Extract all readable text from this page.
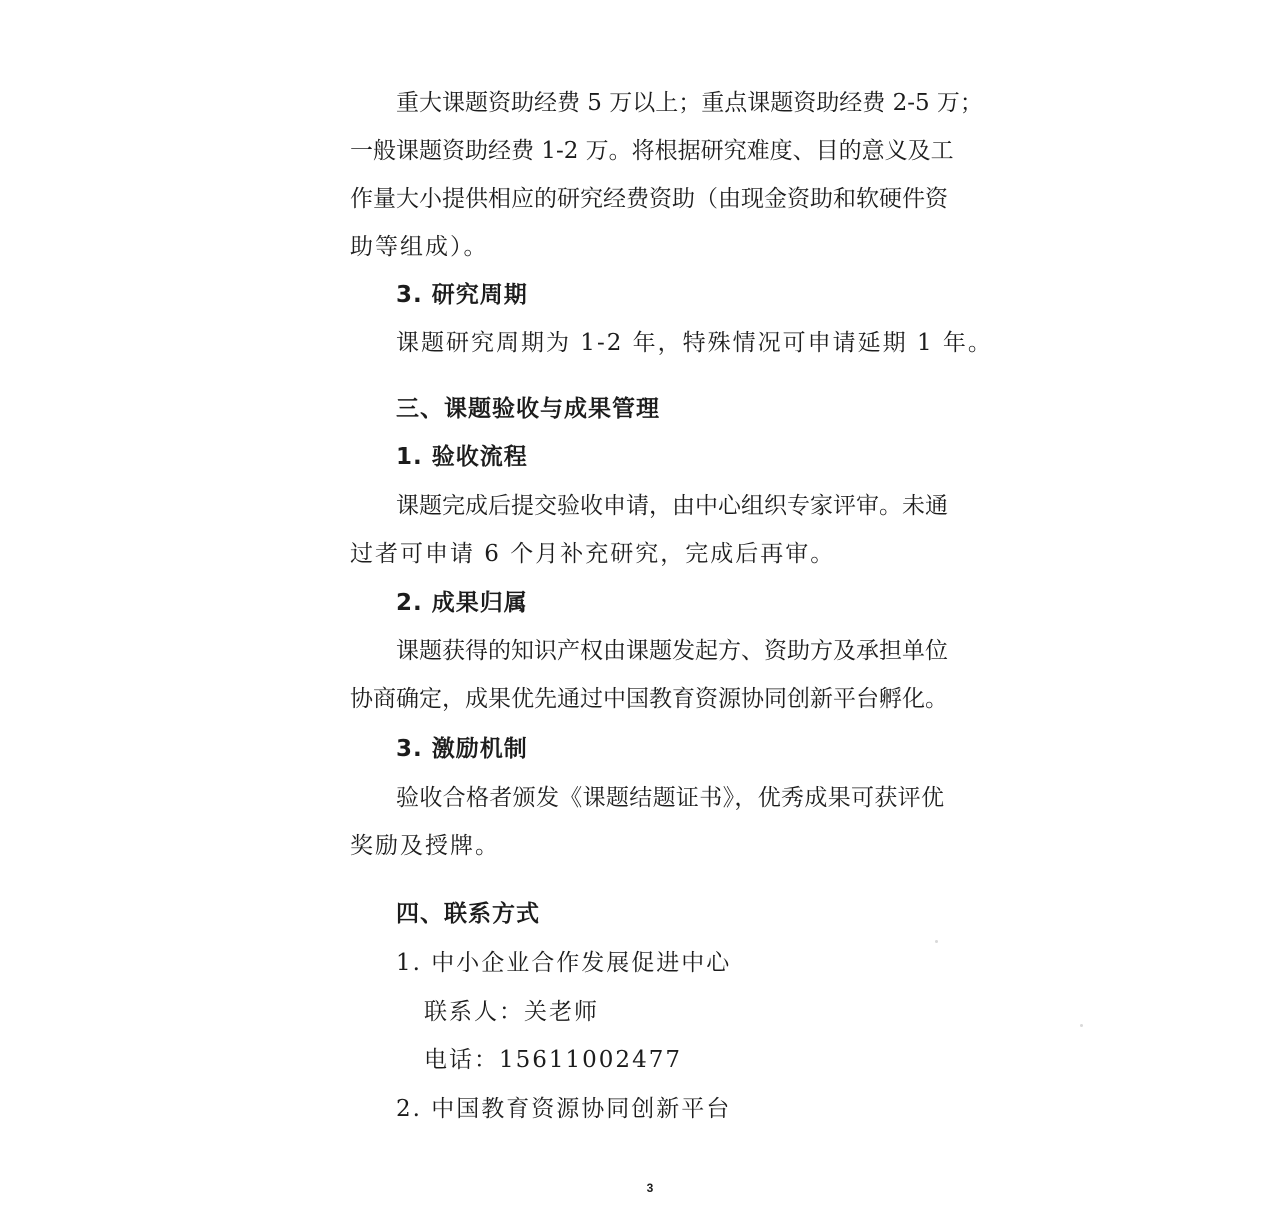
重大课题资助经费 5 万以上；重点课题资助经费 2-5 万；
一般课题资助经费 1-2 万。将根据研究难度、目的意义及工
作量大小提供相应的研究经费资助（由现金资助和软硬件资
助等组成）。
3. 研究周期
课题研究周期为 1-2 年，特殊情况可申请延期 1 年。
三、课题验收与成果管理
1. 验收流程
课题完成后提交验收申请，由中心组织专家评审。未通
过者可申请 6 个月补充研究，完成后再审。
2. 成果归属
课题获得的知识产权由课题发起方、资助方及承担单位
协商确定，成果优先通过中国教育资源协同创新平台孵化。
3. 激励机制
验收合格者颁发《课题结题证书》，优秀成果可获评优
奖励及授牌。
四、联系方式
1. 中小企业合作发展促进中心
联系人：关老师
电话：15611002477
2. 中国教育资源协同创新平台
3
